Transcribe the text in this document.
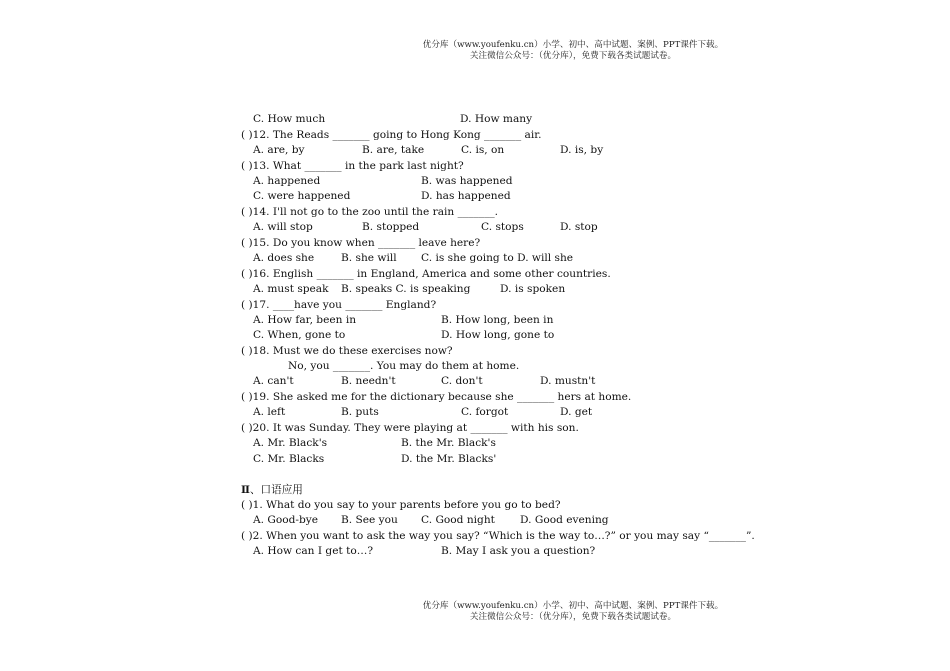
优分库（www.youfenku.cn）小学、初中、高中试题、案例、PPT课件下载。
关注微信公众号：（优分库），免费下载各类试题试卷。
C. How much	D. How many
( )12. The Reads _______ going to Hong Kong _______ air.
A. are, by	B. are, take	C. is, on	D. is, by
( )13. What _______ in the park last night?
A. happened	B. was happened
C. were happened	D. has happened
( )14. I'll not go to the zoo until the rain _______.
A. will stop	B. stopped	C. stops	D. stop
( )15. Do you know when _______ leave here?
A. does she	B. she will C. is she going to D. will she
( )16. English _______ in England, America and some other countries.
A. must speak B. speaks C. is speaking	D. is spoken
( )17. ____have you _______ England?
A. How far, been in	B. How long, been in
C. When, gone to	D. How long, gone to
( )18. Must we do these exercises now?
No, you _______. You may do them at home.
A. can't	B. needn't	C. don't	D. mustn't
( )19. She asked me for the dictionary because she _______ hers at home.
A. left	B. puts	C. forgot	D. get
( )20. It was Sunday. They were playing at _______ with his son.
A. Mr. Black's	B. the Mr. Black's
C. Mr. Blacks	D. the Mr. Blacks'
Ⅱ、口语应用
( )1. What do you say to your parents before you go to bed?
A. Good-bye B. See you C. Good night D. Good evening
( )2. When you want to ask the way you say? “Which is the way to…?” or you may say “_______”.
A. How can I get to…?	B. May I ask you a question?
优分库（www.youfenku.cn）小学、初中、高中试题、案例、PPT课件下载。
关注微信公众号：（优分库），免费下载各类试题试卷。
